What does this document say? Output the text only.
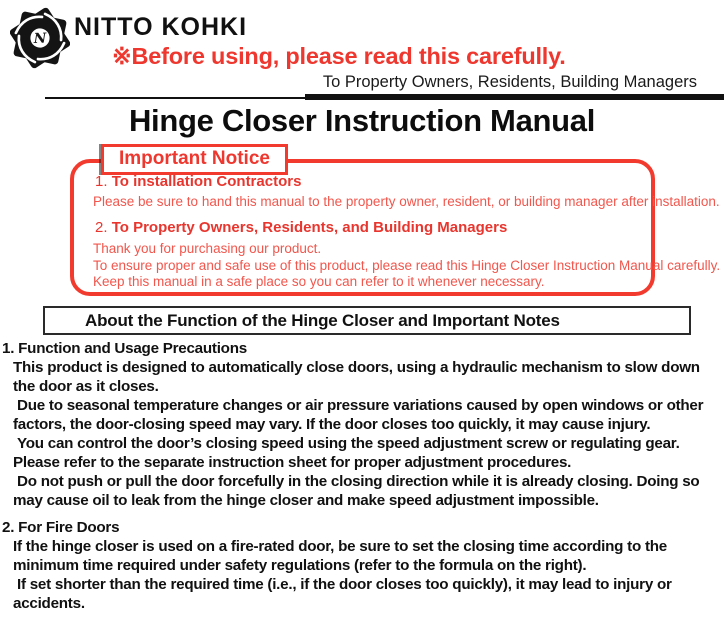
N NITTO KOHKI
※Before using, please read this carefully.
To Property Owners, Residents, Building Managers
Hinge Closer Instruction Manual
Important Notice
1. To installation Contractors
Please be sure to hand this manual to the property owner, resident, or building manager after installation.
2. To Property Owners, Residents, and Building Managers
Thank you for purchasing our product.
To ensure proper and safe use of this product, please read this Hinge Closer Instruction Manual carefully.
Keep this manual in a safe place so you can refer to it whenever necessary.
About the Function of the Hinge Closer and Important Notes
1. Function and Usage Precautions
This product is designed to automatically close doors, using a hydraulic mechanism to slow down the door as it closes.
Due to seasonal temperature changes or air pressure variations caused by open windows or other factors, the door-closing speed may vary. If the door closes too quickly, it may cause injury.
You can control the door’s closing speed using the speed adjustment screw or regulating gear. Please refer to the separate instruction sheet for proper adjustment procedures.
Do not push or pull the door forcefully in the closing direction while it is already closing. Doing so may cause oil to leak from the hinge closer and make speed adjustment impossible.
2. For Fire Doors
If the hinge closer is used on a fire-rated door, be sure to set the closing time according to the minimum time required under safety regulations (refer to the formula on the right).
If set shorter than the required time (i.e., if the door closes too quickly), it may lead to injury or accidents.
